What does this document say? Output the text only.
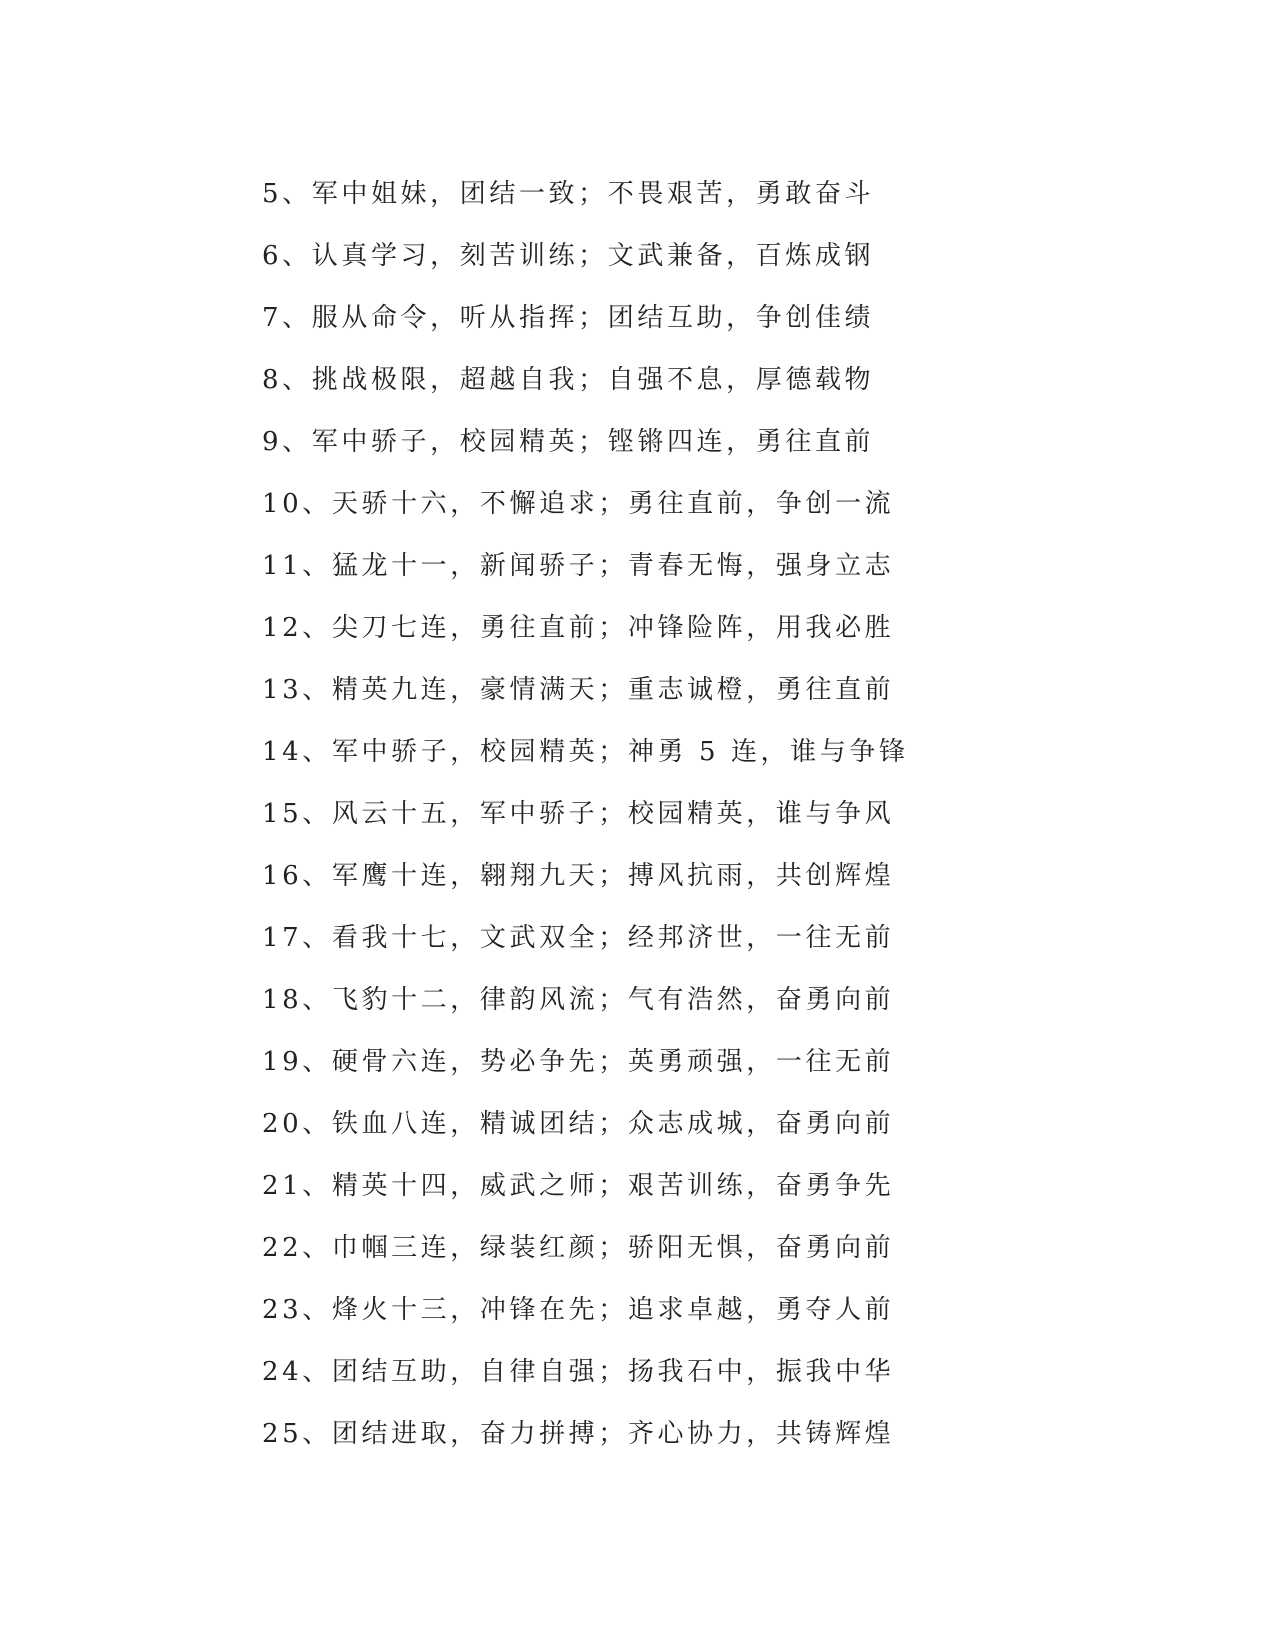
5、军中姐妹，团结一致；不畏艰苦，勇敢奋斗
6、认真学习，刻苦训练；文武兼备，百炼成钢
7、服从命令，听从指挥；团结互助，争创佳绩
8、挑战极限，超越自我；自强不息，厚德载物
9、军中骄子，校园精英；铿锵四连，勇往直前
10、天骄十六，不懈追求；勇往直前，争创一流
11、猛龙十一，新闻骄子；青春无悔，强身立志
12、尖刀七连，勇往直前；冲锋险阵，用我必胜
13、精英九连，豪情满天；重志诚橙，勇往直前
14、军中骄子，校园精英；神勇 5 连，谁与争锋
15、风云十五，军中骄子；校园精英，谁与争风
16、军鹰十连，翱翔九天；搏风抗雨，共创辉煌
17、看我十七，文武双全；经邦济世，一往无前
18、飞豹十二，律韵风流；气有浩然，奋勇向前
19、硬骨六连，势必争先；英勇顽强，一往无前
20、铁血八连，精诚团结；众志成城，奋勇向前
21、精英十四，威武之师；艰苦训练，奋勇争先
22、巾帼三连，绿装红颜；骄阳无惧，奋勇向前
23、烽火十三，冲锋在先；追求卓越，勇夺人前
24、团结互助，自律自强；扬我石中，振我中华
25、团结进取，奋力拼搏；齐心协力，共铸辉煌
